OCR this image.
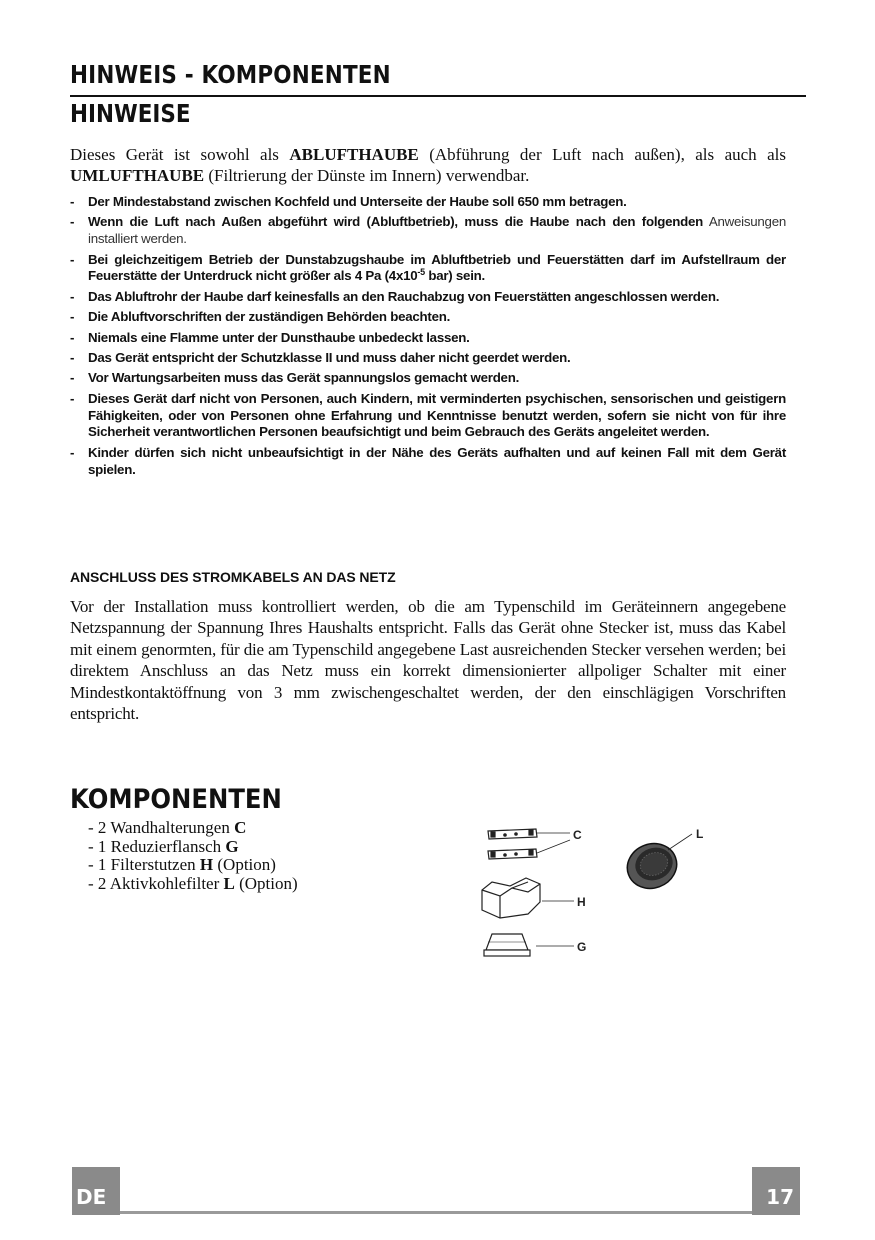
HINWEIS - KOMPONENTEN
HINWEISE
Dieses Gerät ist sowohl als ABLUFTHAUBE (Abführung der Luft nach außen), als auch als UMLUFTHAUBE (Filtrierung der Dünste im Innern) verwendbar.
- Der Mindestabstand zwischen Kochfeld und Unterseite der Haube soll 650 mm betragen.
- Wenn die Luft nach Außen abgeführt wird (Abluftbetrieb), muss die Haube nach den folgenden Anweisungen installiert werden.
- Bei gleichzeitigem Betrieb der Dunstabzugshaube im Abluftbetrieb und Feuerstätten darf im Aufstellraum der Feuerstätte der Unterdruck nicht größer als 4 Pa ($4x10^{-5}$ bar) sein.
- Das Abluftrohr der Haube darf keinesfalls an den Rauchabzug von Feuerstätten angeschlossen werden.
- Die Abluftvorschriften der zuständigen Behörden beachten.
- Niemals eine Flamme unter der Dunsthaube unbedeckt lassen.
- Das Gerät entspricht der Schutzklasse II und muss daher nicht geerdet werden.
- Vor Wartungsarbeiten muss das Gerät spannungslos gemacht werden.
- Dieses Gerät darf nicht von Personen, auch Kindern, mit verminderten psychischen, sensorischen und geistigern Fähigkeiten, oder von Personen ohne Erfahrung und Kenntnisse benutzt werden, sofern sie nicht von für ihre Sicherheit verantwortlichen Personen beaufsichtigt und beim Gebrauch des Geräts angeleitet werden.
- Kinder dürfen sich nicht unbeaufsichtigt in der Nähe des Geräts aufhalten und auf keinen Fall mit dem Gerät spielen.
ANSCHLUSS DES STROMKABELS AN DAS NETZ
Vor der Installation muss kontrolliert werden, ob die am Typenschild im Geräteinnern angegebene Netzspannung der Spannung Ihres Haushalts entspricht. Falls das Gerät ohne Stecker ist, muss das Kabel mit einem genormten, für die am Typenschild angegebene Last ausreichenden Stecker versehen werden; bei direktem Anschluss an das Netz muss ein korrekt dimensionierter allpoliger Schalter mit einer Mindestkontaktöffnung von 3 mm zwischengeschaltet werden, der den einschlägigen Vorschriften entspricht.
KOMPONENTEN
- 2 Wandhalterungen C
- 1 Reduzierflansch G
- 1 Filterstutzen H (Option)
- 2 Aktivkohlefilter L (Option)
C
H
G
L
DE	17
